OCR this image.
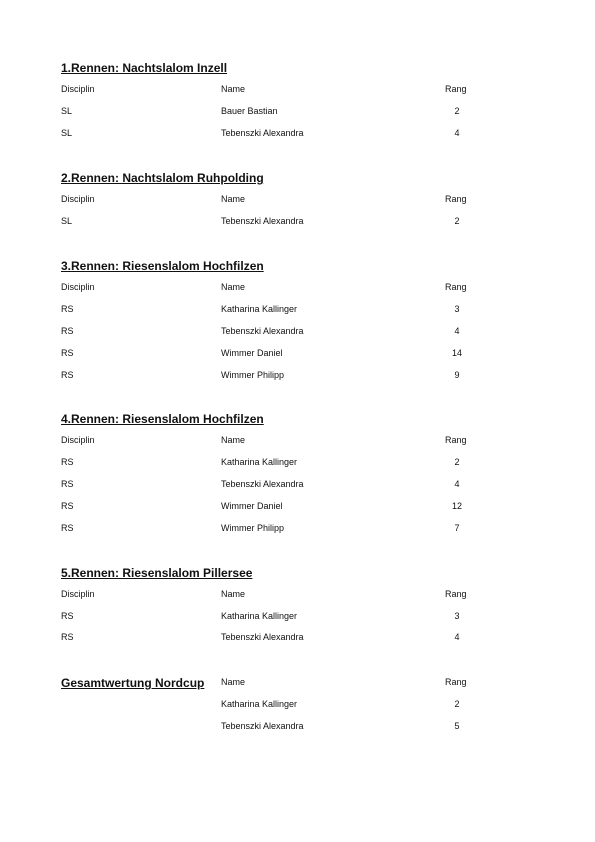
1.Rennen: Nachtslalom Inzell
Disciplin	Name	Rang
SL	Bauer Bastian	2
SL	Tebenszki Alexandra	4
2.Rennen: Nachtslalom Ruhpolding
Disciplin	Name	Rang
SL	Tebenszki Alexandra	2
3.Rennen: Riesenslalom Hochfilzen
Disciplin	Name	Rang
RS	Katharina Kallinger	3
RS	Tebenszki Alexandra	4
RS	Wimmer Daniel	14
RS	Wimmer Philipp	9
4.Rennen: Riesenslalom Hochfilzen
Disciplin	Name	Rang
RS	Katharina Kallinger	2
RS	Tebenszki Alexandra	4
RS	Wimmer Daniel	12
RS	Wimmer Philipp	7
5.Rennen: Riesenslalom Pillersee
Disciplin	Name	Rang
RS	Katharina Kallinger	3
RS	Tebenszki Alexandra	4
Gesamtwertung Nordcup Name	Rang
Katharina Kallinger	2
Tebenszki Alexandra	5
